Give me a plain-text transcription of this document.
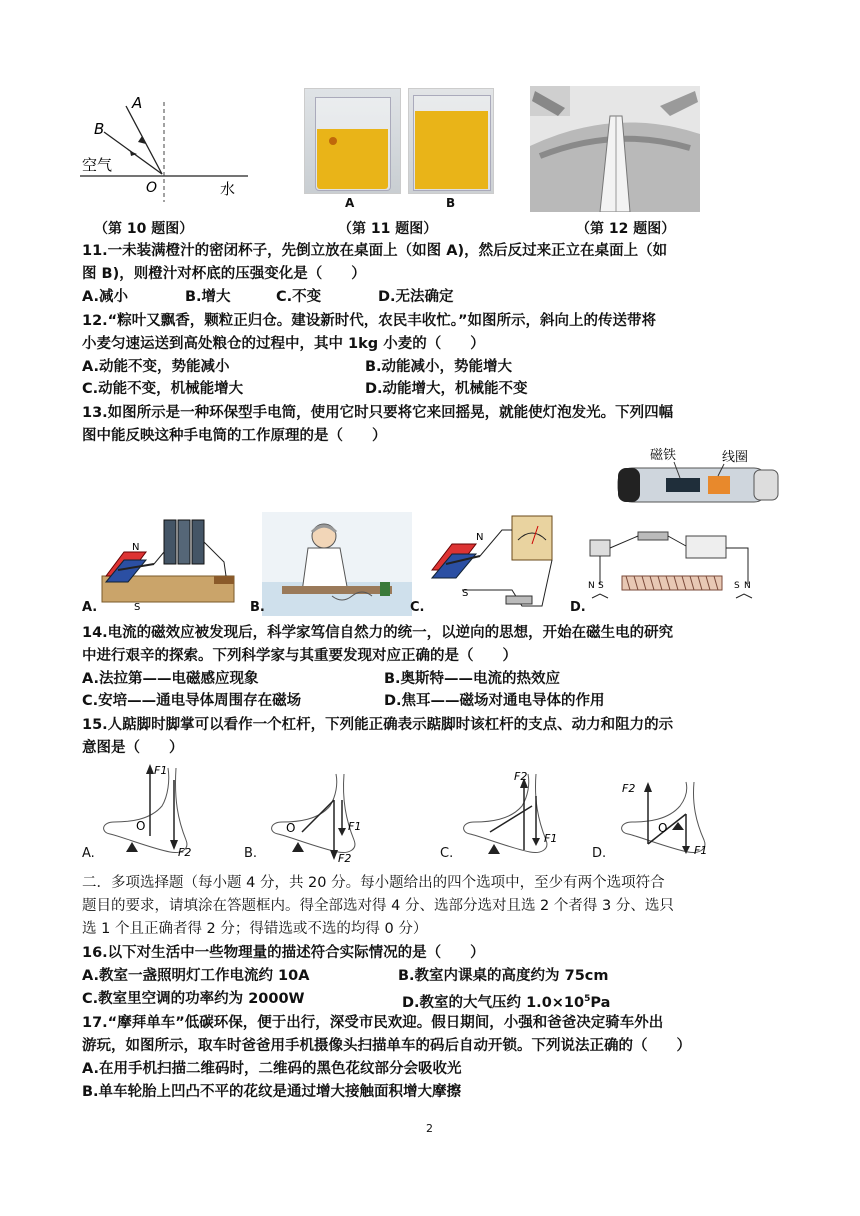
A
B
O
空气
水
（第 10 题图）
A	B
（第 11 题图）	（第 12 题图）
11.一未装满橙汁的密闭杯子，先倒立放在桌面上（如图 A)，然后反过来正立在桌面上（如
图 B)，则橙汁对杯底的压强变化是（　　）
A.减小	B.增大	C.不变	D.无法确定
12.“粽叶又飘香，颗粒正归仓。建设新时代，农民丰收忙。”如图所示，斜向上的传送带将
小麦匀速运送到高处粮仓的过程中，其中 1kg 小麦的（　　）
A.动能不变，势能减小	B.动能减小，势能增大
C.动能不变，机械能增大	D.动能增大，机械能不变
13.如图所示是一种环保型手电筒，使用它时只要将它来回摇晃，就能使灯泡发光。下列四幅
图中能反映这种手电筒的工作原理的是（　　）
磁铁	线圈
N
S
A.	B.
N
S
C.
N S	S N
D.
14.电流的磁效应被发现后，科学家笃信自然力的统一，以逆向的思想，开始在磁生电的研究
中进行艰辛的探索。下列科学家与其重要发现对应正确的是（　　）
A.法拉第——电磁感应现象	B.奥斯特——电流的热效应
C.安培——通电导体周围存在磁场	D.焦耳——磁场对通电导体的作用
15.人踮脚时脚掌可以看作一个杠杆，下列能正确表示踮脚时该杠杆的支点、动力和阻力的示
意图是（　　）
O
F1
F2
A.
O	F1
F2
B.
F2
F1
C.
O
F2
F1
D.
二．多项选择题（每小题 4 分，共 20 分。每小题给出的四个选项中，至少有两个选项符合
题目的要求，请填涂在答题框内。得全部选对得 4 分、选部分选对且选 2 个者得 3 分、选只
选 1 个且正确者得 2 分；得错选或不选的均得 0 分）
16.以下对生活中一些物理量的描述符合实际情况的是（　　）
A.教室一盏照明灯工作电流约 10A	B.教室内课桌的高度约为 75cm
C.教室里空调的功率约为 2000W	D.教室的大气压约 $1.0\times 10^5Pa$
17.“摩拜单车”低碳环保，便于出行，深受市民欢迎。假日期间，小强和爸爸决定骑车外出
游玩，如图所示，取车时爸爸用手机摄像头扫描单车的码后自动开锁。下列说法正确的（　　）
A.在用手机扫描二维码时，二维码的黑色花纹部分会吸收光
B.单车轮胎上凹凸不平的花纹是通过增大接触面积增大摩擦
2
